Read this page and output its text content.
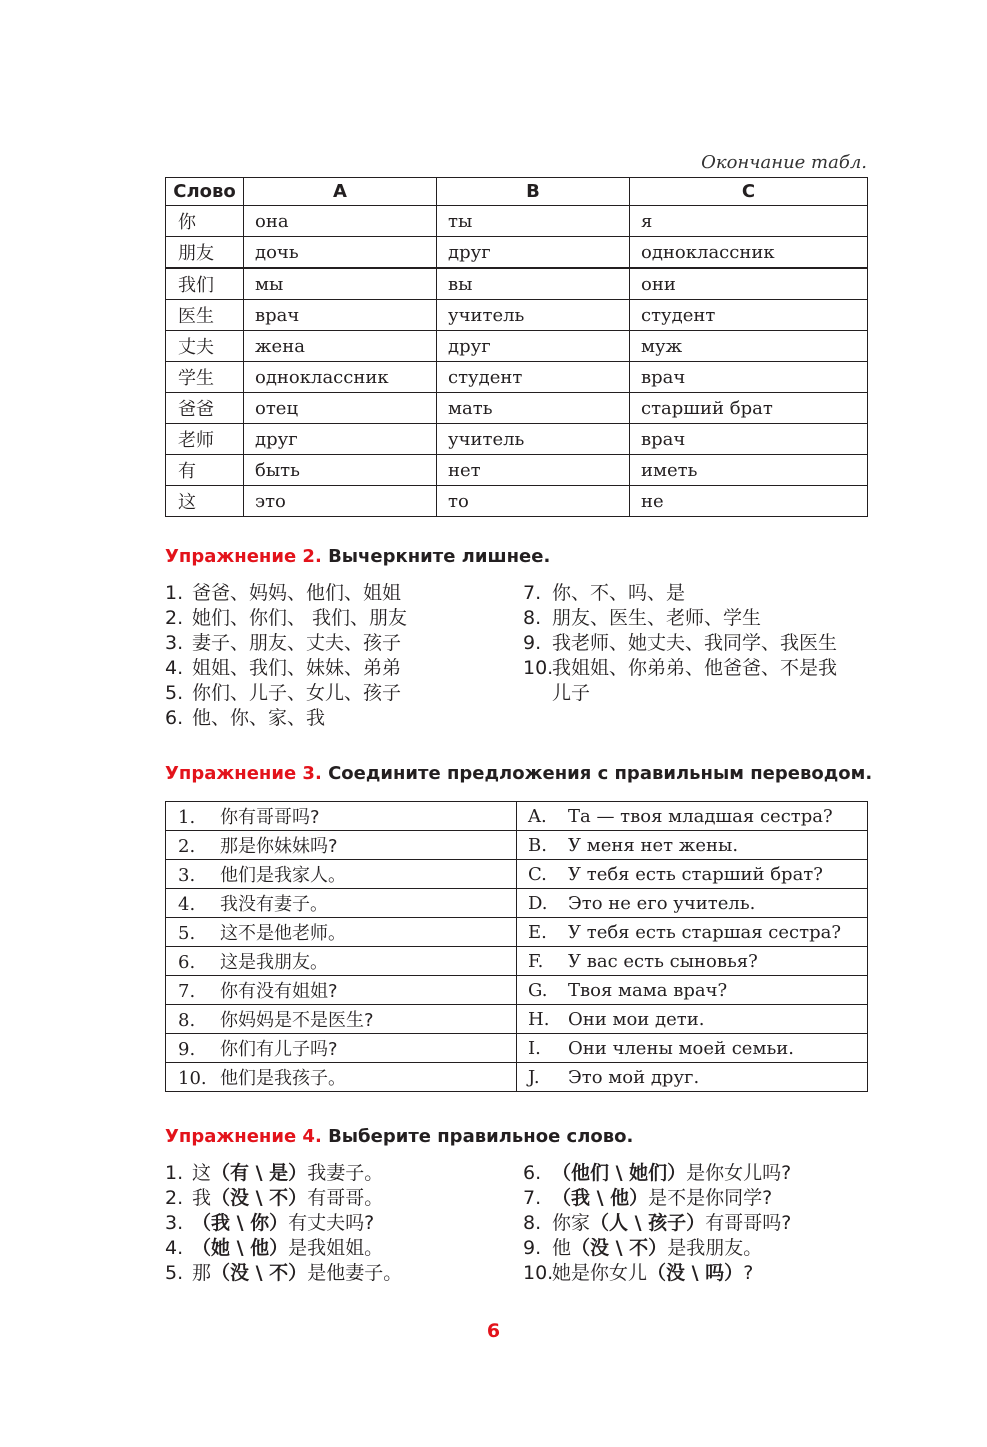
Окончание табл.
Слово	A	B	C
你	она	ты	я
朋友	дочь	друг	одноклассник
我们	мы	вы	они
医生	врач	учитель	студент
丈夫	жена	друг	муж
学生	одноклассник	студент	врач
爸爸	отец	мать	старший брат
老师	друг	учитель	врач
有	быть	нет	иметь
这	это	то	не
Упражнение 2. Вычеркните лишнее.
1. 爸爸、妈妈、他们、姐姐
2. 她们、你们、 我们、朋友
3. 妻子、朋友、丈夫、孩子
4. 姐姐、我们、妹妹、弟弟
5. 你们、儿子、女儿、孩子
6. 他、你、家、我
7. 你、不、吗、是
8. 朋友、医生、老师、学生
9. 我老师、她丈夫、我同学、我医生
10.
我姐姐、你弟弟、他爸爸、不是我
儿子
Упражнение 3. Соедините предложения с правильным переводом.
1. 你有哥哥吗?	A. Та — твоя младшая сестра?
2. 那是你妹妹吗?	B. У меня нет жены.
3. 他们是我家人。	C. У тебя есть старший брат?
4. 我没有妻子。	D. Это не его учитель.
5. 这不是他老师。	E. У тебя есть старшая сестра?
6. 这是我朋友。	F. У вас есть сыновья?
7. 你有没有姐姐?	G. Твоя мама врач?
8. 你妈妈是不是医生?	H. Они мои дети.
9. 你们有儿子吗?	I. Они члены моей семьи.
10. 他们是我孩子。	J. Это мой друг.
Упражнение 4. Выберите правильное слово.
1. 这 （有 \ 是） 我妻子。
2. 我 （没 \ 不） 有哥哥。
3. （我 \ 你） 有丈夫吗?
4. （她 \ 他） 是我姐姐。
5. 那 （没 \ 不） 是他妻子。
6. （他们 \ 她们） 是你女儿吗?
7. （我 \ 他） 是不是你同学?
8. 你家 （人 \ 孩子） 有哥哥吗?
9. 他 （没 \ 不） 是我朋友。
10.
她是你女儿 （没 \ 吗） ?
6
